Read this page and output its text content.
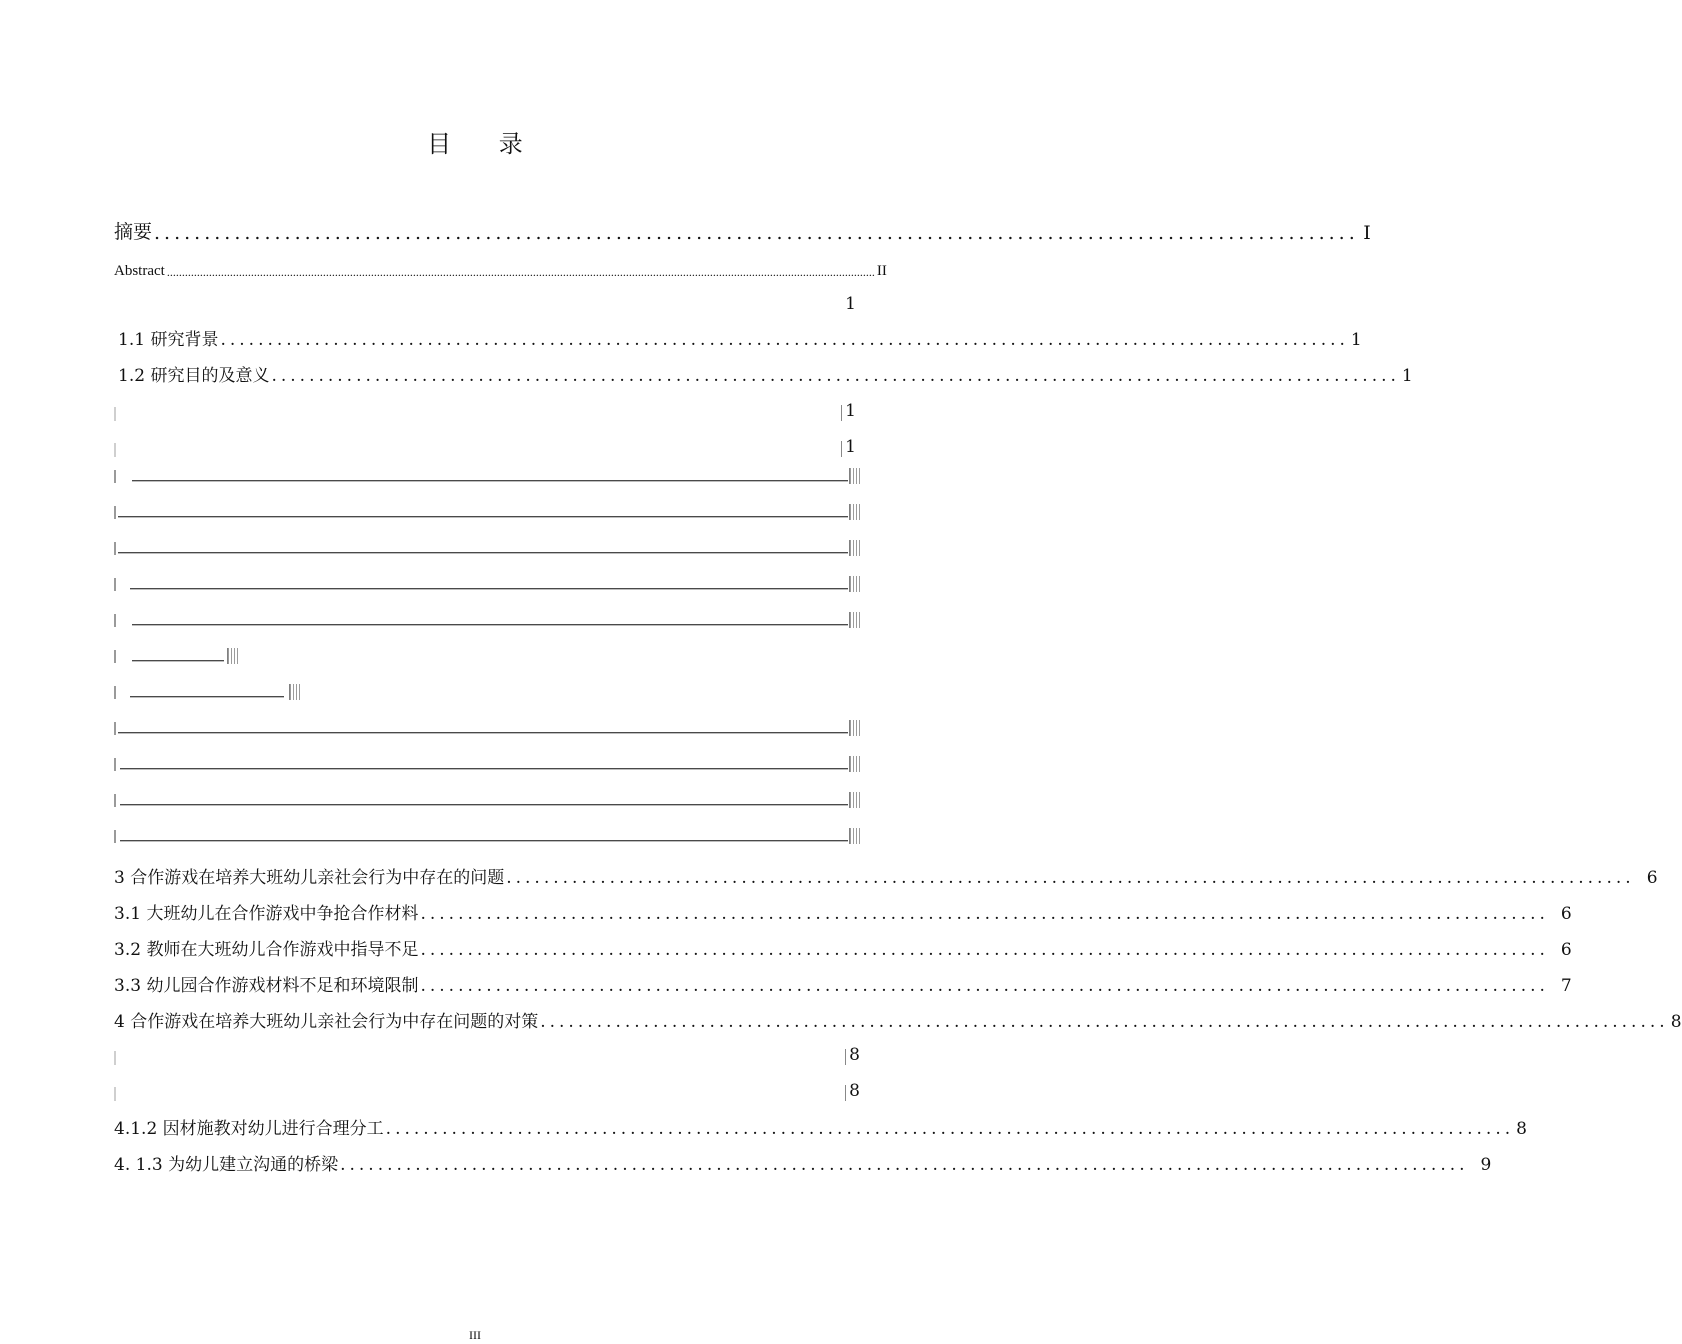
目 录
摘要 ........................................................................................................................ I
Abstract ............................................................................................................................................................................................................................................ II
1
1.1 研究背景 ........................................................................................................................ 1
1.2 研究目的及意义 ........................................................................................................................ 1
1
1
3 合作游戏在培养大班幼儿亲社会行为中存在的问题 ........................................................................................................................ 6
3.1 大班幼儿在合作游戏中争抢合作材料 ........................................................................................................................ 6
3.2 教师在大班幼儿合作游戏中指导不足 ........................................................................................................................ 6
3.3 幼儿园合作游戏材料不足和环境限制 ........................................................................................................................ 7
4 合作游戏在培养大班幼儿亲社会行为中存在问题的对策 ........................................................................................................................ 8
8
8
4.1.2 因材施教对幼儿进行合理分工 ........................................................................................................................ 8
4. 1.3 为幼儿建立沟通的桥梁 ........................................................................................................................ 9
III
